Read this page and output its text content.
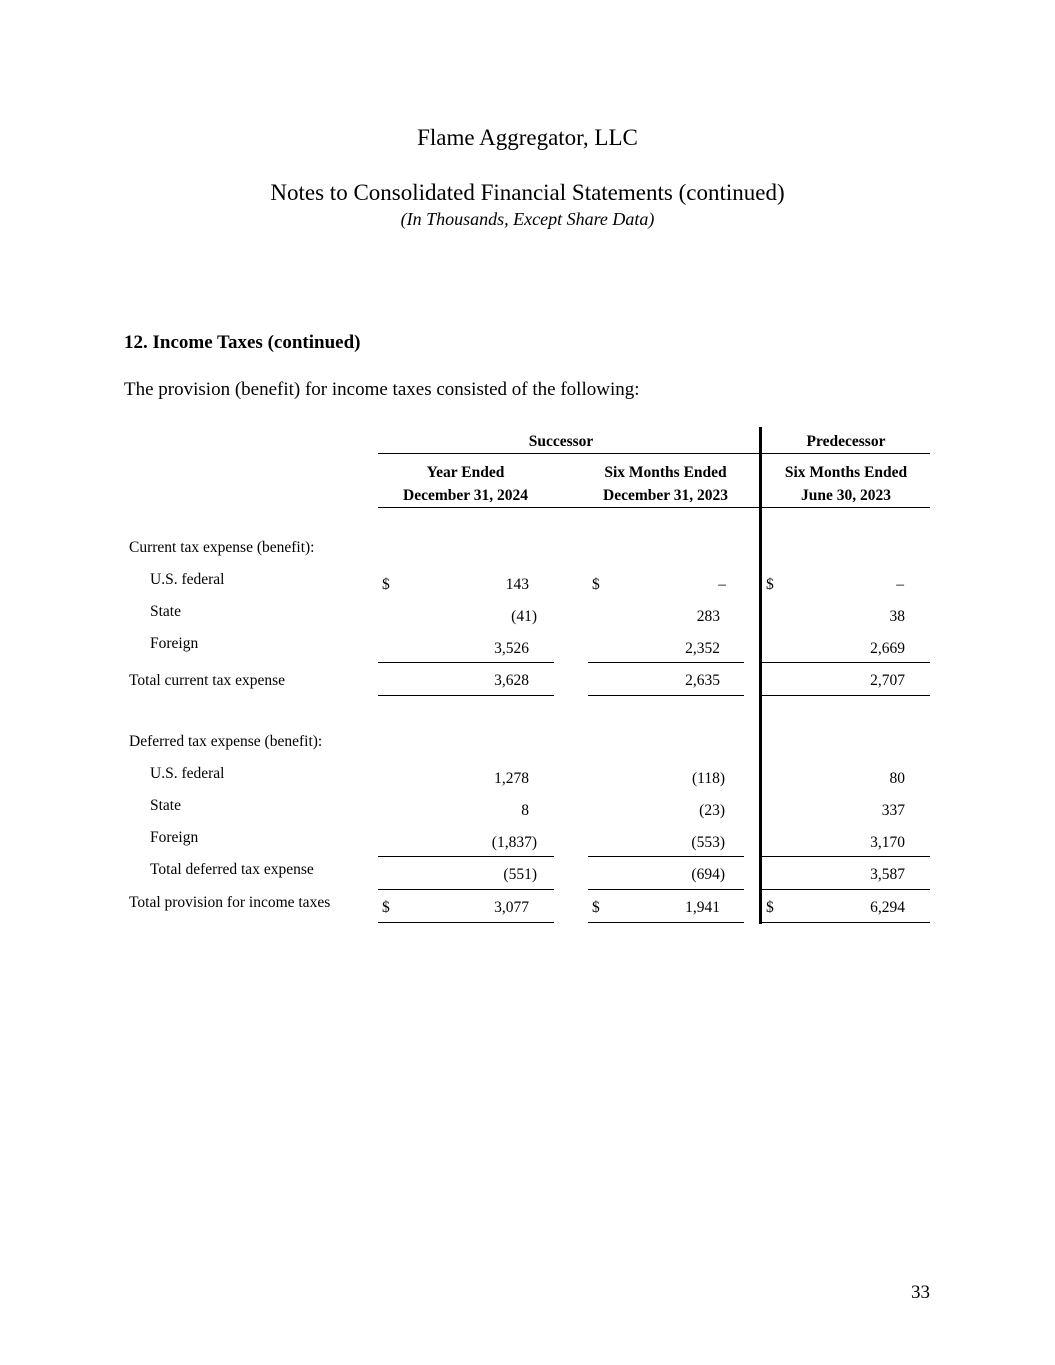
Flame Aggregator, LLC
Notes to Consolidated Financial Statements (continued)
(In Thousands, Except Share Data)
12. Income Taxes (continued)
The provision (benefit) for income taxes consisted of the following:
Successor	Predecessor
Year Ended
December 31, 2024
Six Months Ended
December 31, 2023
Six Months Ended
June 30, 2023
Current tax expense (benefit):
U.S. federal	$	143	$	–	$	–
State	(41)	283	38
Foreign	3,526	2,352	2,669
Total current tax expense	3,628	2,635	2,707
Deferred tax expense (benefit):
U.S. federal	1,278	(118)	80
State	8	(23)	337
Foreign	(1,837)	(553)	3,170
Total deferred tax expense	(551)	(694)	3,587
Total provision for income taxes	$	3,077	$	1,941	$	6,294
33
